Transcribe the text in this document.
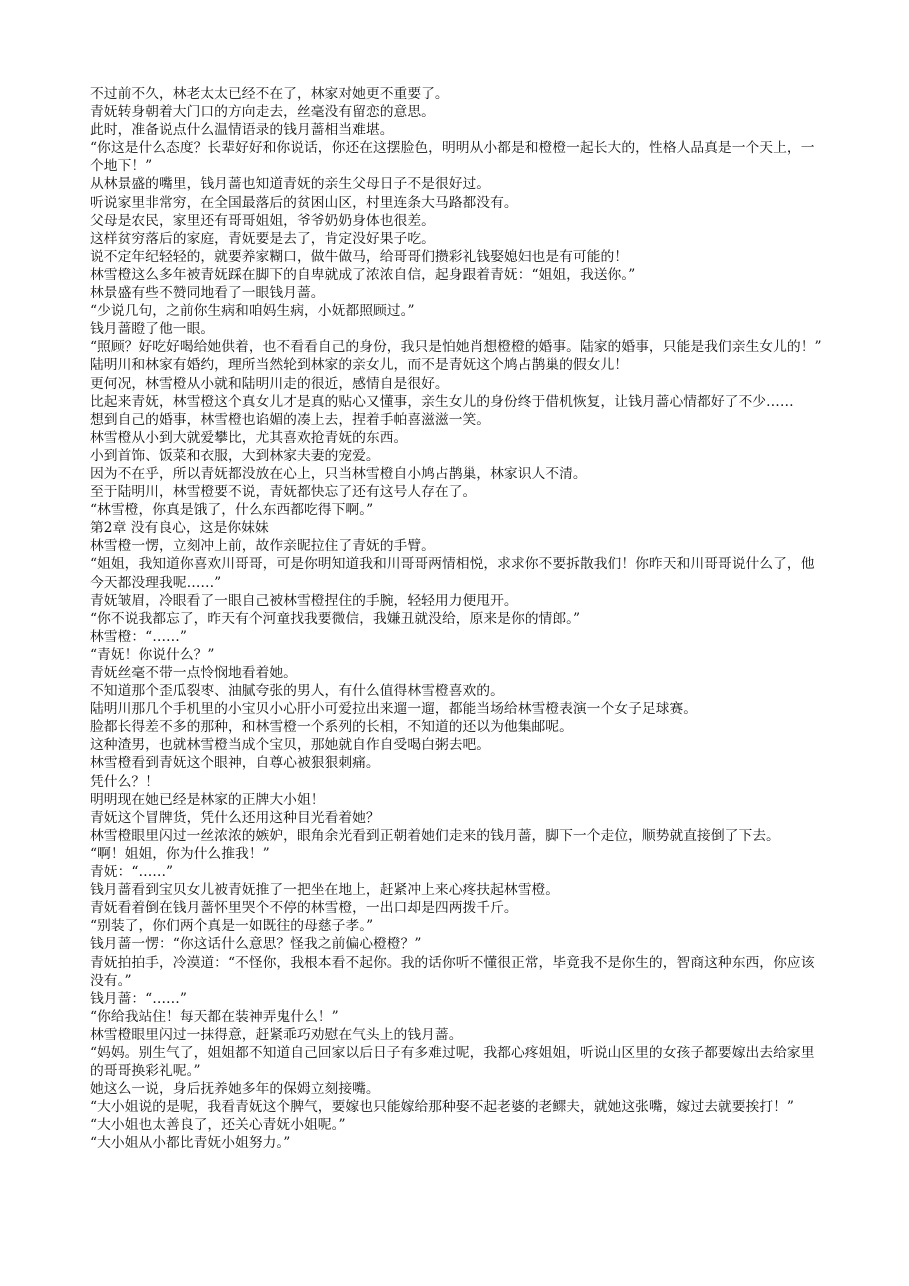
不过前不久，林老太太已经不在了，林家对她更不重要了。

青妩转身朝着大门口的方向走去，丝毫没有留恋的意思。

此时，准备说点什么温情语录的钱月蔷相当难堪。

“你这是什么态度？长辈好好和你说话，你还在这摆脸色，明明从小都是和橙橙一起长大的，性格人品真是一个天上，一个地下！”

从林景盛的嘴里，钱月蔷也知道青妩的亲生父母日子不是很好过。

听说家里非常穷，在全国最落后的贫困山区，村里连条大马路都没有。

父母是农民，家里还有哥哥姐姐，爷爷奶奶身体也很差。

这样贫穷落后的家庭，青妩要是去了，肯定没好果子吃。

说不定年纪轻轻的，就要养家糊口，做牛做马，给哥哥们攒彩礼钱娶媳妇也是有可能的！

林雪橙这么多年被青妩踩在脚下的自卑就成了浓浓自信，起身跟着青妩：“姐姐，我送你。”

林景盛有些不赞同地看了一眼钱月蔷。

“少说几句，之前你生病和咱妈生病，小妩都照顾过。”

钱月蔷瞪了他一眼。

“照顾？好吃好喝给她供着，也不看看自己的身份，我只是怕她肖想橙橙的婚事。陆家的婚事，只能是我们亲生女儿的！”

陆明川和林家有婚约，理所当然轮到林家的亲女儿，而不是青妩这个鸠占鹊巢的假女儿！

更何况，林雪橙从小就和陆明川走的很近，感情自是很好。

比起来青妩，林雪橙这个真女儿才是真的贴心又懂事，亲生女儿的身份终于借机恢复，让钱月蔷心情都好了不少……

想到自己的婚事，林雪橙也谄媚的凑上去，捏着手帕喜滋滋一笑。

林雪橙从小到大就爱攀比，尤其喜欢抢青妩的东西。

小到首饰、饭菜和衣服，大到林家夫妻的宠爱。

因为不在乎，所以青妩都没放在心上，只当林雪橙自小鸠占鹊巢，林家识人不清。

至于陆明川，林雪橙要不说，青妩都快忘了还有这号人存在了。

“林雪橙，你真是饿了，什么东西都吃得下啊。”

第2章 没有良心，这是你妹妹

林雪橙一愣，立刻冲上前，故作亲昵拉住了青妩的手臂。

“姐姐，我知道你喜欢川哥哥，可是你明知道我和川哥哥两情相悦，求求你不要拆散我们！你昨天和川哥哥说什么了，他今天都没理我呢……”

青妩皱眉，冷眼看了一眼自己被林雪橙捏住的手腕，轻轻用力便甩开。

“你不说我都忘了，昨天有个河童找我要微信，我嫌丑就没给，原来是你的情郎。”

林雪橙：“……”

“青妩！你说什么？”

青妩丝毫不带一点怜悯地看着她。

不知道那个歪瓜裂枣、油腻夸张的男人，有什么值得林雪橙喜欢的。

陆明川那几个手机里的小宝贝小心肝小可爱拉出来遛一遛，都能当场给林雪橙表演一个女子足球赛。

脸都长得差不多的那种，和林雪橙一个系列的长相，不知道的还以为他集邮呢。

这种渣男，也就林雪橙当成个宝贝，那她就自作自受喝白粥去吧。

林雪橙看到青妩这个眼神，自尊心被狠狠刺痛。

凭什么？！

明明现在她已经是林家的正牌大小姐！

青妩这个冒牌货，凭什么还用这种目光看着她？

林雪橙眼里闪过一丝浓浓的嫉妒，眼角余光看到正朝着她们走来的钱月蔷，脚下一个走位，顺势就直接倒了下去。

“啊！姐姐，你为什么推我！”

青妩：“……”

钱月蔷看到宝贝女儿被青妩推了一把坐在地上，赶紧冲上来心疼扶起林雪橙。

青妩看着倒在钱月蔷怀里哭个不停的林雪橙，一出口却是四两拨千斤。

“别装了，你们两个真是一如既往的母慈子孝。”

钱月蔷一愣：“你这话什么意思？怪我之前偏心橙橙？”

青妩拍拍手，冷漠道：“不怪你，我根本看不起你。我的话你听不懂很正常，毕竟我不是你生的，智商这种东西，你应该没有。”

钱月蔷：“……”

“你给我站住！每天都在装神弄鬼什么！”

林雪橙眼里闪过一抹得意，赶紧乖巧劝慰在气头上的钱月蔷。

“妈妈。别生气了，姐姐都不知道自己回家以后日子有多难过呢，我都心疼姐姐，听说山区里的女孩子都要嫁出去给家里的哥哥换彩礼呢。”

她这么一说，身后抚养她多年的保姆立刻接嘴。

“大小姐说的是呢，我看青妩这个脾气，要嫁也只能嫁给那种娶不起老婆的老鳏夫，就她这张嘴，嫁过去就要挨打！”

“大小姐也太善良了，还关心青妩小姐呢。”

“大小姐从小都比青妩小姐努力。”
